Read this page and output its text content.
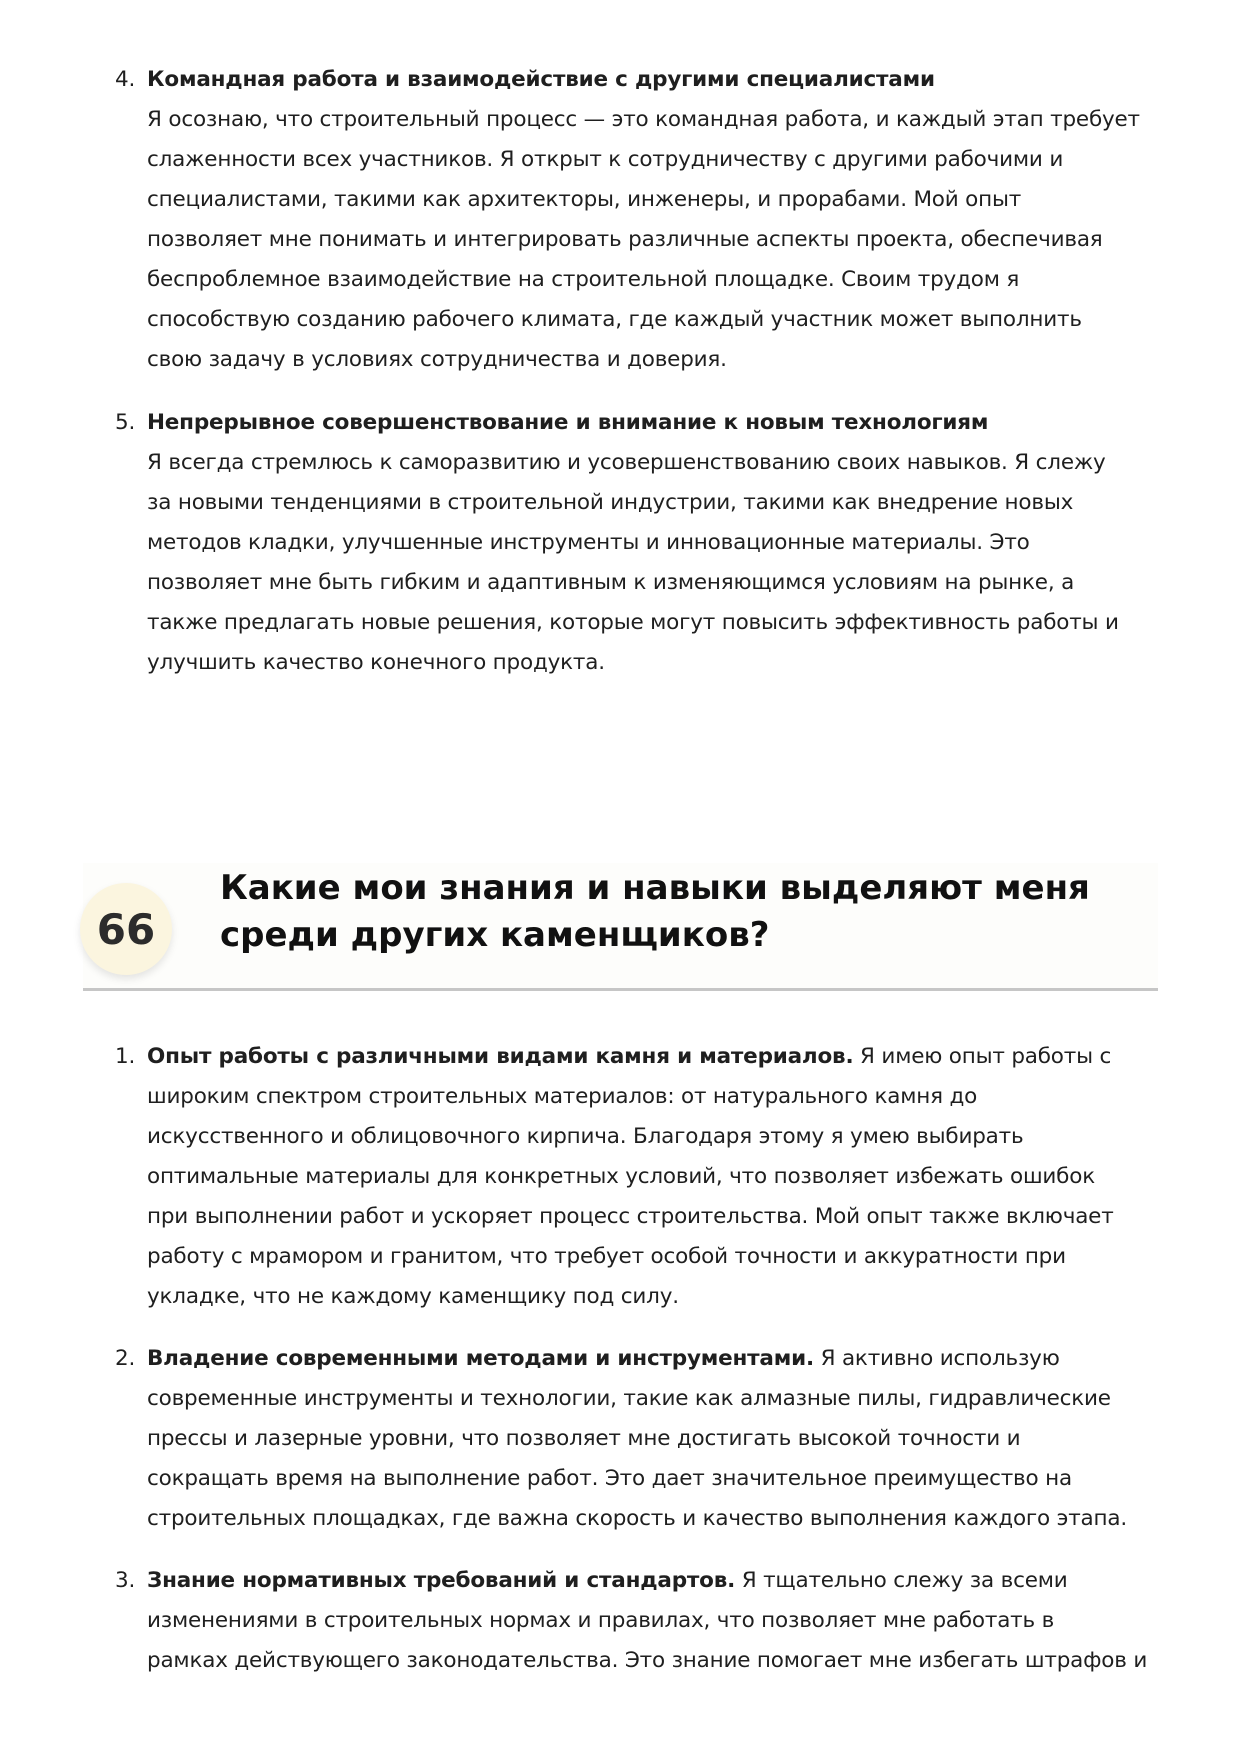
4. Командная работа и взаимодействие с другими специалистами
Я осознаю, что строительный процесс — это командная работа, и каждый этап требует
слаженности всех участников. Я открыт к сотрудничеству с другими рабочими и
специалистами, такими как архитекторы, инженеры, и прорабами. Мой опыт
позволяет мне понимать и интегрировать различные аспекты проекта, обеспечивая
беспроблемное взаимодействие на строительной площадке. Своим трудом я
способствую созданию рабочего климата, где каждый участник может выполнить
свою задачу в условиях сотрудничества и доверия.
5. Непрерывное совершенствование и внимание к новым технологиям
Я всегда стремлюсь к саморазвитию и усовершенствованию своих навыков. Я слежу
за новыми тенденциями в строительной индустрии, такими как внедрение новых
методов кладки, улучшенные инструменты и инновационные материалы. Это
позволяет мне быть гибким и адаптивным к изменяющимся условиям на рынке, а
также предлагать новые решения, которые могут повысить эффективность работы и
улучшить качество конечного продукта.
66
Какие мои знания и навыки выделяют меня
среди других каменщиков?
1. Опыт работы с различными видами камня и материалов. Я имею опыт работы с
широким спектром строительных материалов: от натурального камня до
искусственного и облицовочного кирпича. Благодаря этому я умею выбирать
оптимальные материалы для конкретных условий, что позволяет избежать ошибок
при выполнении работ и ускоряет процесс строительства. Мой опыт также включает
работу с мрамором и гранитом, что требует особой точности и аккуратности при
укладке, что не каждому каменщику под силу.
2. Владение современными методами и инструментами. Я активно использую
современные инструменты и технологии, такие как алмазные пилы, гидравлические
прессы и лазерные уровни, что позволяет мне достигать высокой точности и
сокращать время на выполнение работ. Это дает значительное преимущество на
строительных площадках, где важна скорость и качество выполнения каждого этапа.
3. Знание нормативных требований и стандартов. Я тщательно слежу за всеми
изменениями в строительных нормах и правилах, что позволяет мне работать в
рамках действующего законодательства. Это знание помогает мне избегать штрафов и
